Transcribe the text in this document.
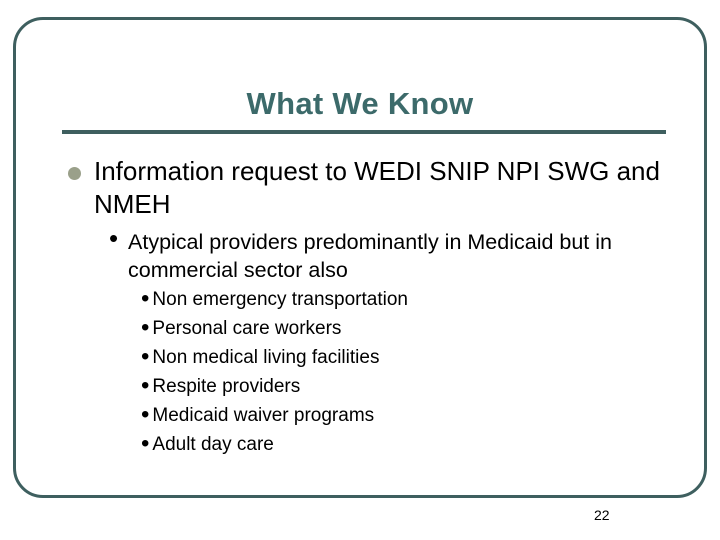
What We Know
Information request to WEDI SNIP NPI SWG and NMEH
• Atypical providers predominantly in Medicaid but in commercial sector also
• Non emergency transportation
• Personal care workers
• Non medical living facilities
• Respite providers
• Medicaid waiver programs
• Adult day care
22
